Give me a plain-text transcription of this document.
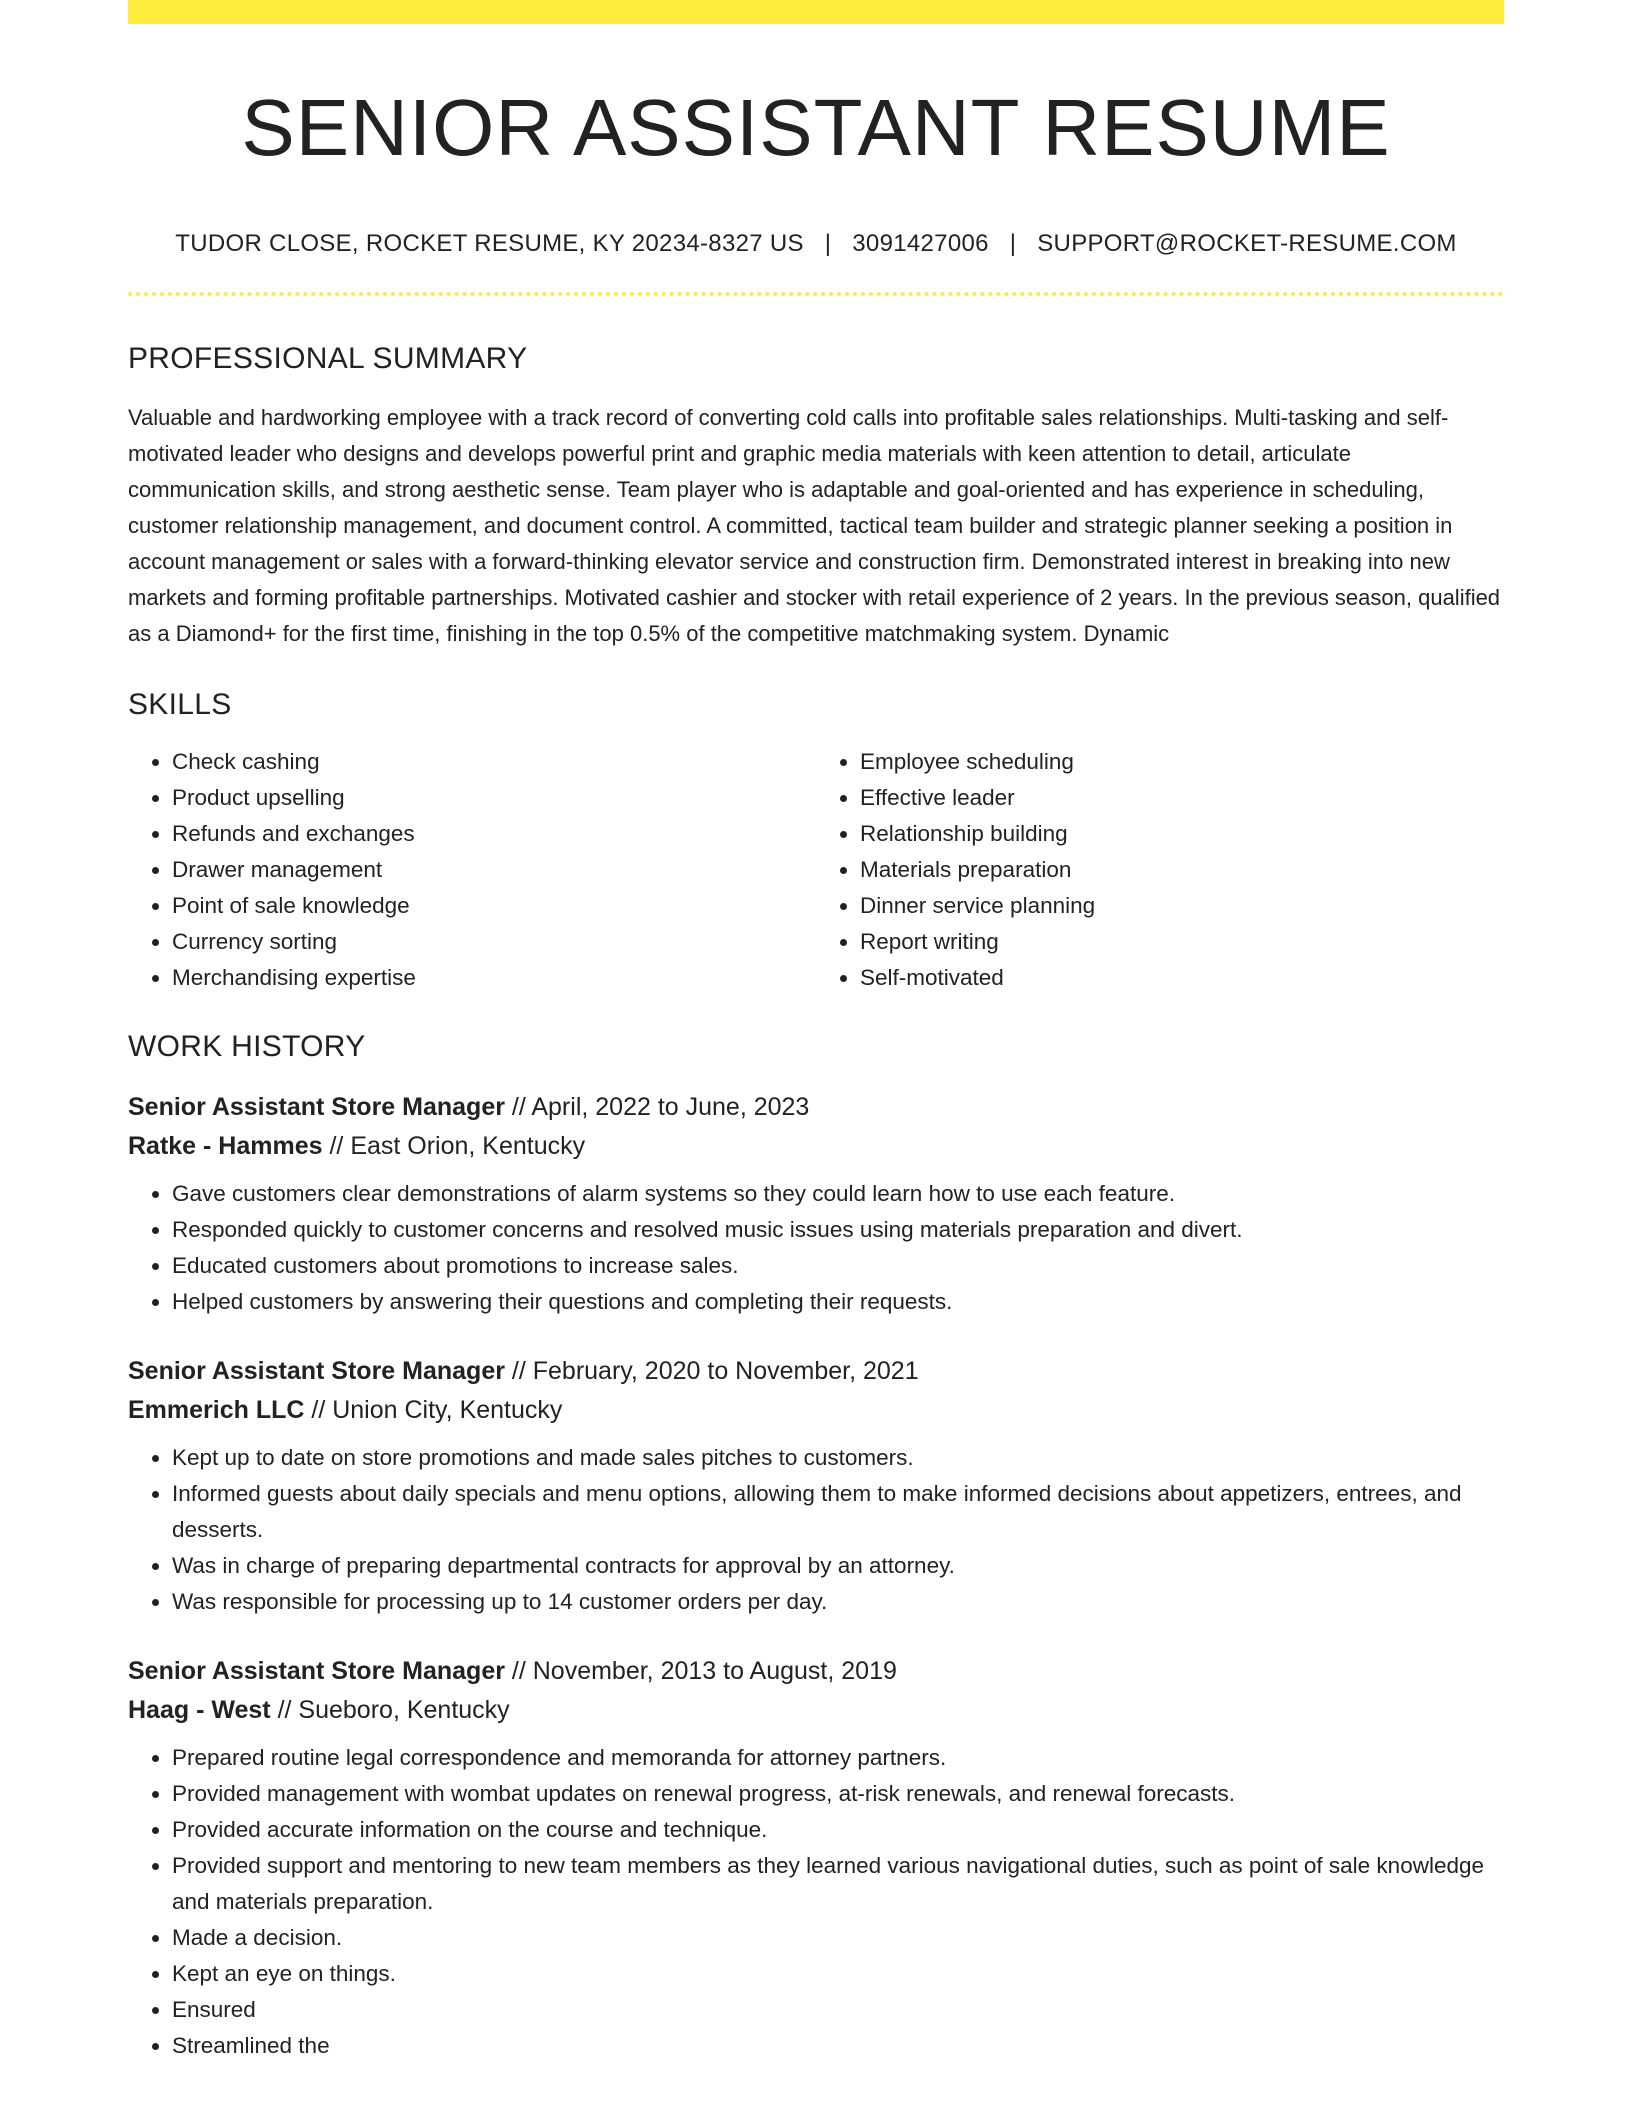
SENIOR ASSISTANT RESUME
TUDOR CLOSE, ROCKET RESUME, KY 20234-8327 US | 3091427006 | SUPPORT@ROCKET-RESUME.COM
PROFESSIONAL SUMMARY
Valuable and hardworking employee with a track record of converting cold calls into profitable sales relationships. Multi-tasking and self-motivated leader who designs and develops powerful print and graphic media materials with keen attention to detail, articulate communication skills, and strong aesthetic sense. Team player who is adaptable and goal-oriented and has experience in scheduling, customer relationship management, and document control. A committed, tactical team builder and strategic planner seeking a position in account management or sales with a forward-thinking elevator service and construction firm. Demonstrated interest in breaking into new markets and forming profitable partnerships. Motivated cashier and stocker with retail experience of 2 years. In the previous season, qualified as a Diamond+ for the first time, finishing in the top 0.5% of the competitive matchmaking system. Dynamic
SKILLS
• Check cashing
• Product upselling
• Refunds and exchanges
• Drawer management
• Point of sale knowledge
• Currency sorting
• Merchandising expertise
• Employee scheduling
• Effective leader
• Relationship building
• Materials preparation
• Dinner service planning
• Report writing
• Self-motivated
WORK HISTORY
Senior Assistant Store Manager // April, 2022 to June, 2023
Ratke - Hammes // East Orion, Kentucky
• Gave customers clear demonstrations of alarm systems so they could learn how to use each feature.
• Responded quickly to customer concerns and resolved music issues using materials preparation and divert.
• Educated customers about promotions to increase sales.
• Helped customers by answering their questions and completing their requests.
Senior Assistant Store Manager // February, 2020 to November, 2021
Emmerich LLC // Union City, Kentucky
• Kept up to date on store promotions and made sales pitches to customers.
• Informed guests about daily specials and menu options, allowing them to make informed decisions about appetizers, entrees, and desserts.
• Was in charge of preparing departmental contracts for approval by an attorney.
• Was responsible for processing up to 14 customer orders per day.
Senior Assistant Store Manager // November, 2013 to August, 2019
Haag - West // Sueboro, Kentucky
• Prepared routine legal correspondence and memoranda for attorney partners.
• Provided management with wombat updates on renewal progress, at-risk renewals, and renewal forecasts.
• Provided accurate information on the course and technique.
• Provided support and mentoring to new team members as they learned various navigational duties, such as point of sale knowledge and materials preparation.
• Made a decision.
• Kept an eye on things.
• Ensured
• Streamlined the
